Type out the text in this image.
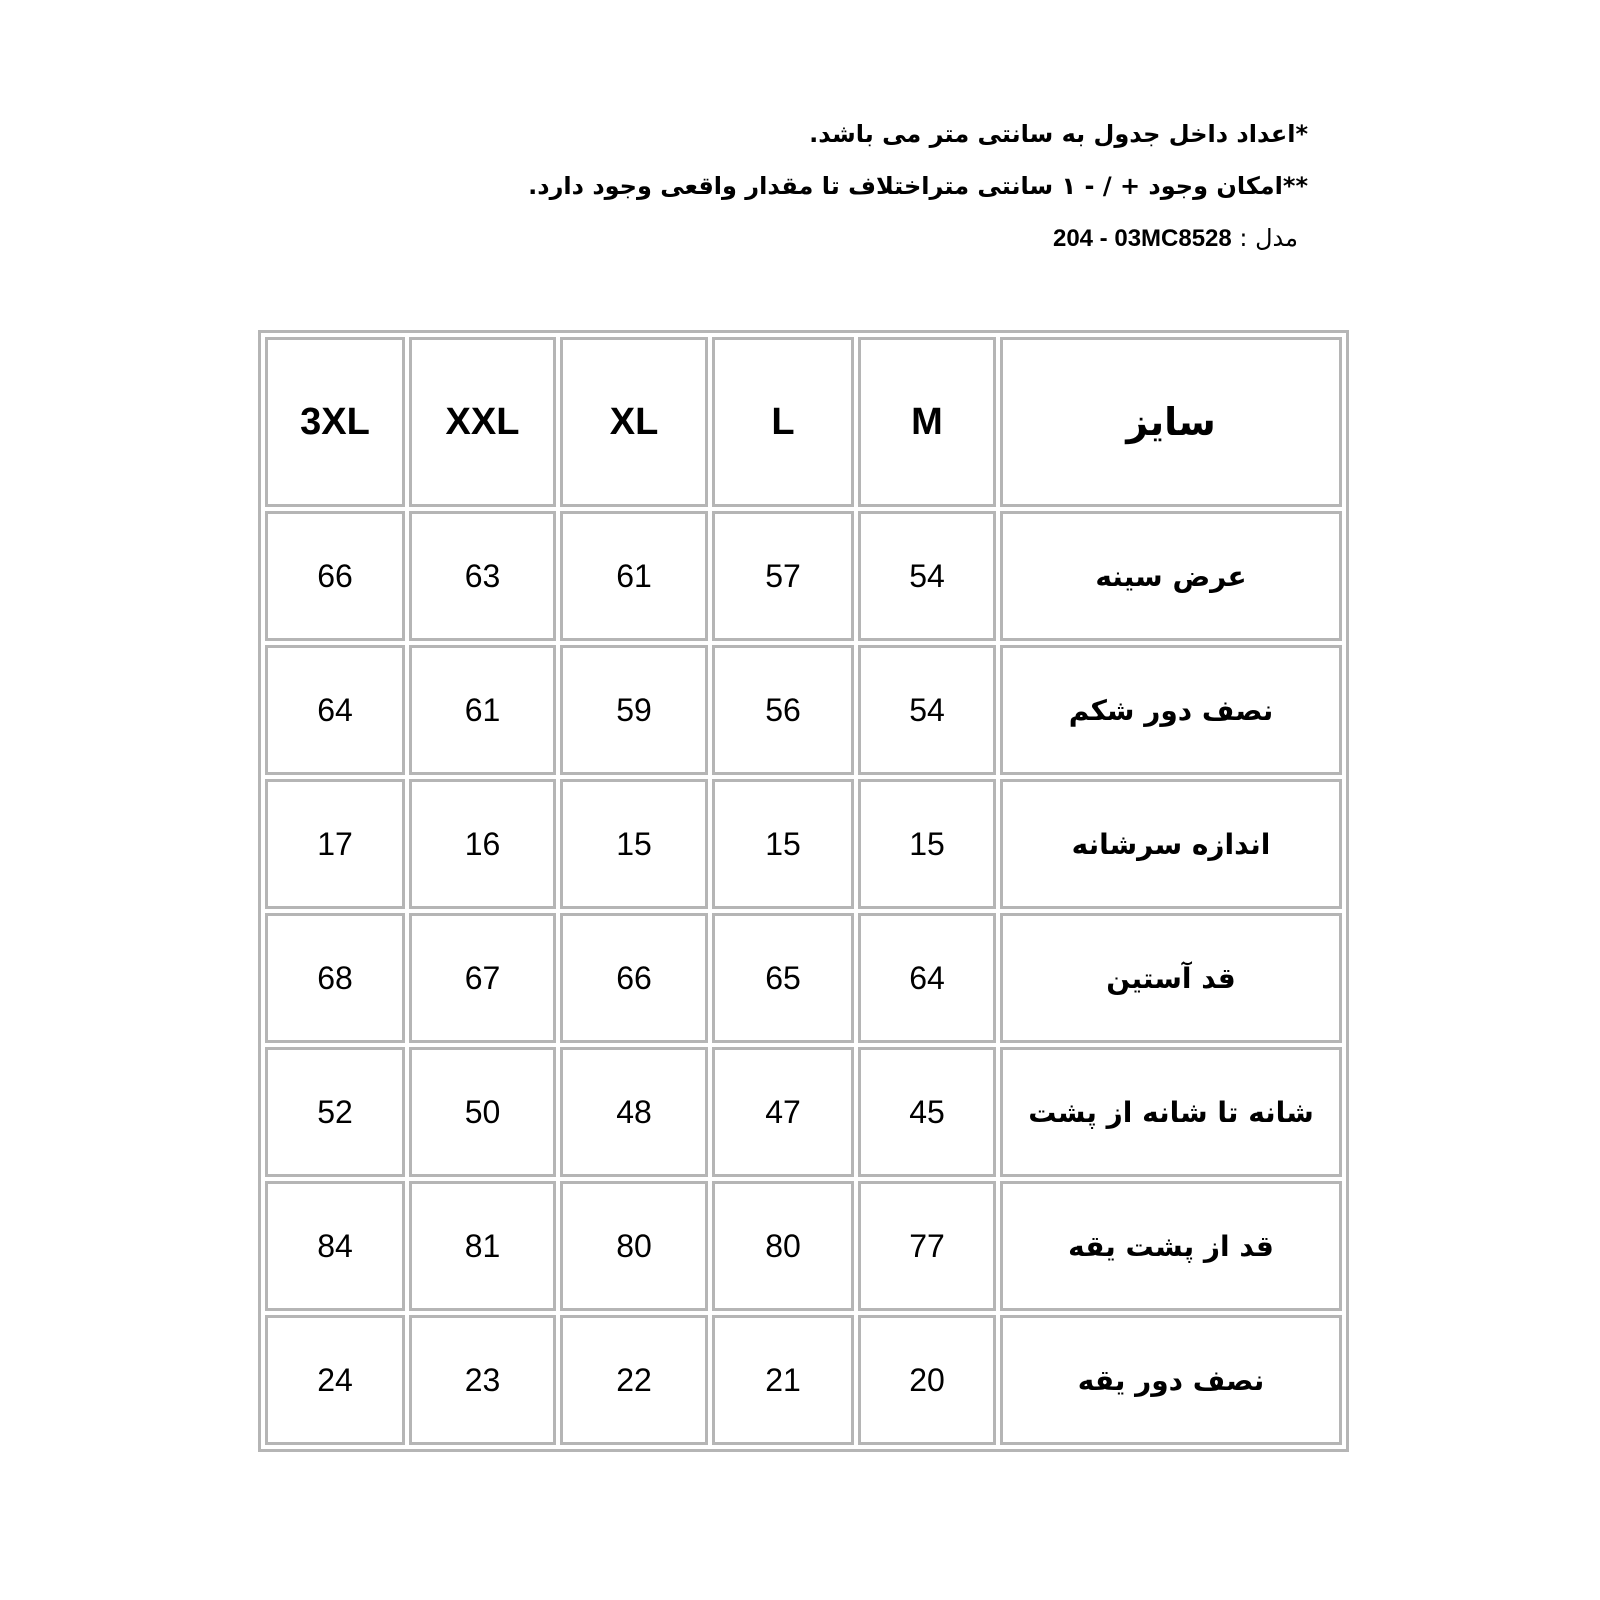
*اعداد داخل جدول به سانتی متر می باشد.
**امکان وجود + / - ۱ سانتی متراختلاف تا مقدار واقعی وجود دارد.
مدل : 204 - 03MC8528
سایز	M	L	XL	XXL	3XL
عرض سینه	54	57	61	63	66
نصف دور شکم	54	56	59	61	64
اندازه سرشانه	15	15	15	16	17
قد آستین	64	65	66	67	68
شانه تا شانه از پشت	45	47	48	50	52
قد از پشت یقه	77	80	80	81	84
نصف دور یقه	20	21	22	23	24
